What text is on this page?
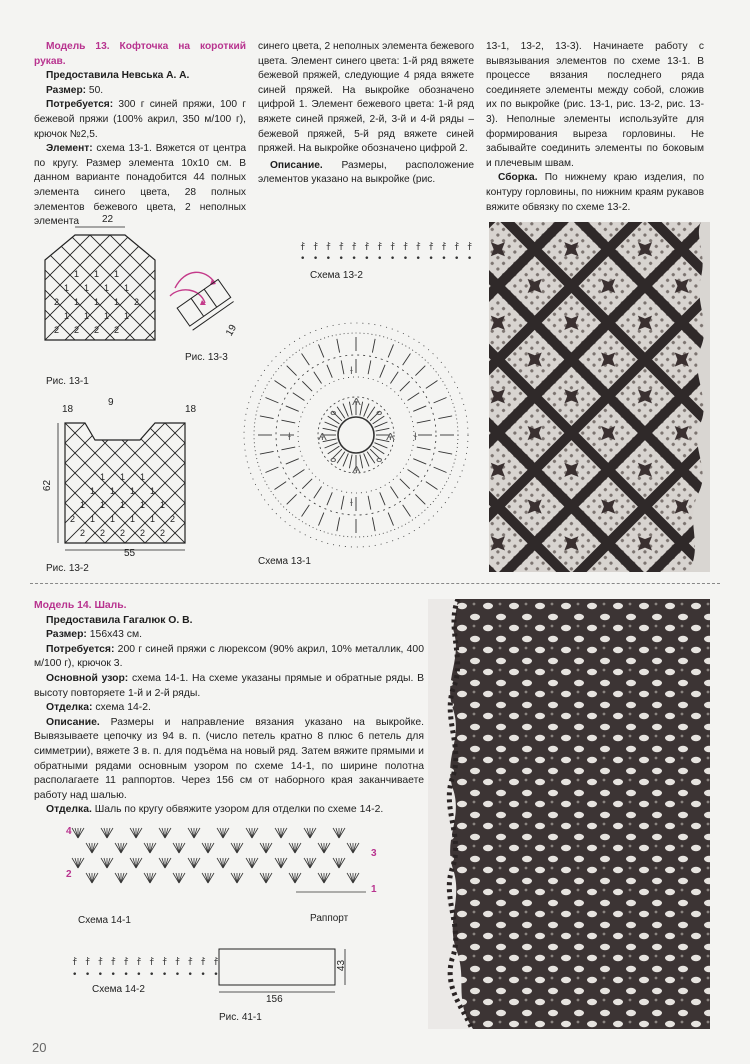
Модель 13. Кофточка на короткий рукав.

Предоставила Невська А. А.

Размер: 50.

Потребуется: 300 г синей пряжи, 100 г бежевой пряжи (100% акрил, 350 м/100 г), крючок №2,5.

Элемент: схема 13-1. Вяжется от центра по кругу. Размер элемента 10х10 см. В данном варианте понадобится 44 полных элемента синего цвета, 28 полных элементов бежевого цвета, 2 неполных элемента

синего цвета, 2 неполных элемента бежевого цвета. Элемент синего цвета: 1-й ряд вяжете бежевой пряжей, следующие 4 ряда вяжете синей пряжей. На выкройке обозначено цифрой 1. Элемент бежевого цвета: 1-й ряд вяжете синей пряжей, 2-й, 3-й и 4-й ряды – бежевой пряжей, 5-й ряд вяжете синей пряжей. На выкройке обозначено цифрой 2.

Описание. Размеры, расположение элементов указано на выкройке (рис.

13-1, 13-2, 13-3). Начинаете работу с вывязывания элементов по схеме 13-1. В процессе вязания последнего ряда соединяете элементы между собой, сложив их по выкройке (рис. 13-1, рис. 13-2, рис. 13-3). Неполные элементы используйте для формирования выреза горловины. Не забывайте соединить элементы по боковым и плечевым швам.

Сборка. По нижнему краю изделия, по контуру горловины, по нижним краям рукавов вяжите обвязку по схеме 13-2.

2 2 2 2
1 1 1 1
2 1 1 1 2
1 1 1 1
1 1 1
22
Рис. 13-1
19
Рис. 13-3
2 2 2 2 2
2 1 1 1 1 2
1 1 1 1 1
1 1 1 1
1 1 1
18
9
18
62
55
Рис. 13-2
ḟ ḟ ḟ ḟ ḟ ḟ ḟ ḟ ḟ ḟ ḟ ḟ ḟ ḟ
• • • • • • • • • • • • • •
Схема 13-2
Ѧ
Ѧ
Ѧ	Ѧ
ⴰ	ⴰ
ⴰ	ⴰ
ƚ
ƚ
ƚ	ƚ
Схема 13-1

Модель 14. Шаль.

Предоставила Гагалюк О. В.

Размер: 156х43 см.

Потребуется: 200 г синей пряжи с люрексом (90% акрил, 10% металлик, 400 м/100 г), крючок 3.

Основной узор: схема 14-1. На схеме указаны прямые и обратные ряды. В высоту повторяете 1-й и 2-й ряды.

Отделка: схема 14-2.

Описание. Размеры и направление вязания указано на выкройке. Вывязываете цепочку из 94 в. п. (число петель кратно 8 плюс 6 петель для симметрии), вяжете 3 в. п. для подъёма на новый ряд. Затем вяжите прямыми и обратными рядами основным узором по схеме 14-1, по ширине полотна располагаете 11 раппортов. Через 156 см от наборного края заканчиваете работу над шалью.

Отделка. Шаль по кругу обвяжите узором для отделки по схеме 14-2.

4
3
2
1
Раппорт
Схема 14-1
ḟ ḟ ḟ ḟ ḟ ḟ ḟ ḟ ḟ ḟ ḟ ḟ
• • • • • • • • • • • •
Схема 14-2
43
156
Рис. 41-1
20
